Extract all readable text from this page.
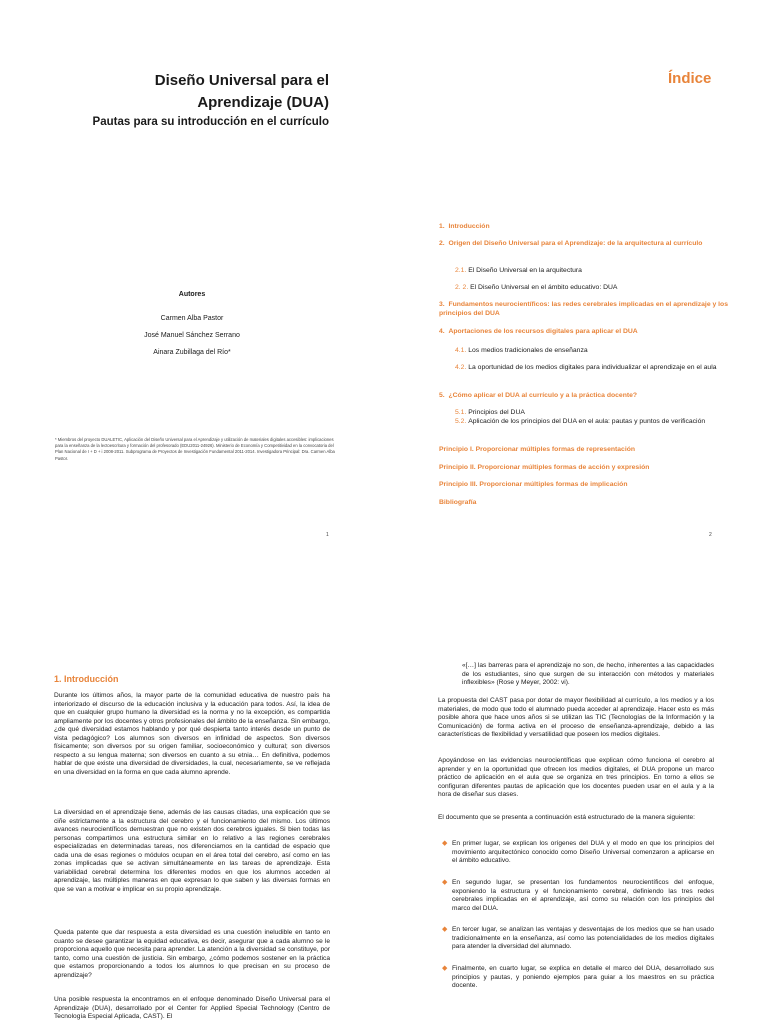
Diseño Universal para el
Aprendizaje (DUA)
Pautas para su introducción en el currículo
Autores
Carmen Alba Pastor
José Manuel Sánchez Serrano
Ainara Zubillaga del Río*
* Miembros del proyecto DUALETIC, Aplicación del Diseño Universal para el Aprendizaje y utilización de materiales digitales accesibles: implicaciones para la enseñanza de la lectoescritura y formación del profesorado (EDU2011-24926). Ministerio de Economía y Competitividad en la convocatoria del Plan Nacional de I + D + i 2008-2011. Subprograma de Proyectos de Investigación Fundamental 2011-2014. Investigadora Principal: Dra. Carmen Alba Pastor.
1
Índice
1. Introducción
2. Origen del Diseño Universal para el Aprendizaje: de la arquitectura al currículo
2.1. El Diseño Universal en la arquitectura
2. 2. El Diseño Universal en el ámbito educativo: DUA
3. Fundamentos neurocientíficos: las redes cerebrales implicadas en el aprendizaje y los principios del DUA
4. Aportaciones de los recursos digitales para aplicar el DUA
4.1. Los medios tradicionales de enseñanza
4.2. La oportunidad de los medios digitales para individualizar el aprendizaje en el aula
5. ¿Cómo aplicar el DUA al currículo y a la práctica docente?
5.1. Principios del DUA
5.2. Aplicación de los principios del DUA en el aula: pautas y puntos de verificación
Principio I. Proporcionar múltiples formas de representación
Principio II. Proporcionar múltiples formas de acción y expresión
Principio III. Proporcionar múltiples formas de implicación
Bibliografía
2
1. Introducción
Durante los últimos años, la mayor parte de la comunidad educativa de nuestro país ha interiorizado el discurso de la educación inclusiva y la educación para todos. Así, la idea de que en cualquier grupo humano la diversidad es la norma y no la excepción, es compartida ampliamente por los docentes y otros profesionales del ámbito de la enseñanza. Sin embargo, ¿de qué diversidad estamos hablando y por qué despierta tanto interés desde un punto de vista pedagógico? Los alumnos son diversos en infinidad de aspectos. Son diversos físicamente; son diversos por su origen familiar, socioeconómico y cultural; son diversos respecto a su lengua materna; son diversos en cuanto a su etnia… En definitiva, podemos hablar de que existe una diversidad de diversidades, la cual, necesariamente, se ve reflejada en una diversidad en la forma en que cada alumno aprende.
La diversidad en el aprendizaje tiene, además de las causas citadas, una explicación que se ciñe estrictamente a la estructura del cerebro y el funcionamiento del mismo. Los últimos avances neurocientíficos demuestran que no existen dos cerebros iguales. Si bien todas las personas compartimos una estructura similar en lo relativo a las regiones cerebrales especializadas en determinadas tareas, nos diferenciamos en la cantidad de espacio que cada una de esas regiones o módulos ocupan en el área total del cerebro, así como en las zonas implicadas que se activan simultáneamente en las tareas de aprendizaje. Esta variabilidad cerebral determina los diferentes modos en que los alumnos acceden al aprendizaje, las múltiples maneras en que expresan lo que saben y las diversas formas en que se van a motivar e implicar en su propio aprendizaje.
Queda patente que dar respuesta a esta diversidad es una cuestión ineludible en tanto en cuanto se desee garantizar la equidad educativa, es decir, asegurar que a cada alumno se le proporciona aquello que necesita para aprender. La atención a la diversidad se constituye, por tanto, como una cuestión de justicia. Sin embargo, ¿cómo podemos sostener en la práctica que estamos proporcionando a todos los alumnos lo que precisan en su proceso de aprendizaje?
Una posible respuesta la encontramos en el enfoque denominado Diseño Universal para el Aprendizaje (DUA), desarrollado por el Center for Applied Special Technology (Centro de Tecnología Especial Aplicada, CAST). El
«[…] las barreras para el aprendizaje no son, de hecho, inherentes a las capacidades de los estudiantes, sino que surgen de su interacción con métodos y materiales inflexibles» (Rose y Meyer, 2002: vi).
La propuesta del CAST pasa por dotar de mayor flexibilidad al currículo, a los medios y a los materiales, de modo que todo el alumnado pueda acceder al aprendizaje. Hacer esto es más posible ahora que hace unos años si se utilizan las TIC (Tecnologías de la Información y la Comunicación) de forma activa en el proceso de enseñanza-aprendizaje, debido a las características de flexibilidad y versatilidad que poseen los medios digitales.
Apoyándose en las evidencias neurocientíficas que explican cómo funciona el cerebro al aprender y en la oportunidad que ofrecen los medios digitales, el DUA propone un marco práctico de aplicación en el aula que se organiza en tres principios. En torno a ellos se configuran diferentes pautas de aplicación que los docentes pueden usar en el aula y a la hora de diseñar sus clases.
El documento que se presenta a continuación está estructurado de la manera siguiente:
◆ En primer lugar, se explican los orígenes del DUA y el modo en que los principios del movimiento arquitectónico conocido como Diseño Universal comenzaron a aplicarse en el ámbito educativo.
◆ En segundo lugar, se presentan los fundamentos neurocientíficos del enfoque, exponiendo la estructura y el funcionamiento cerebral, definiendo las tres redes cerebrales implicadas en el aprendizaje, así como su relación con los principios del marco del DUA.
◆ En tercer lugar, se analizan las ventajas y desventajas de los medios que se han usado tradicionalmente en la enseñanza, así como las potencialidades de los medios digitales para atender la diversidad del alumnado.
◆ Finalmente, en cuarto lugar, se explica en detalle el marco del DUA, desarrollado sus principios y pautas, y poniendo ejemplos para guiar a los maestros en su práctica docente.
